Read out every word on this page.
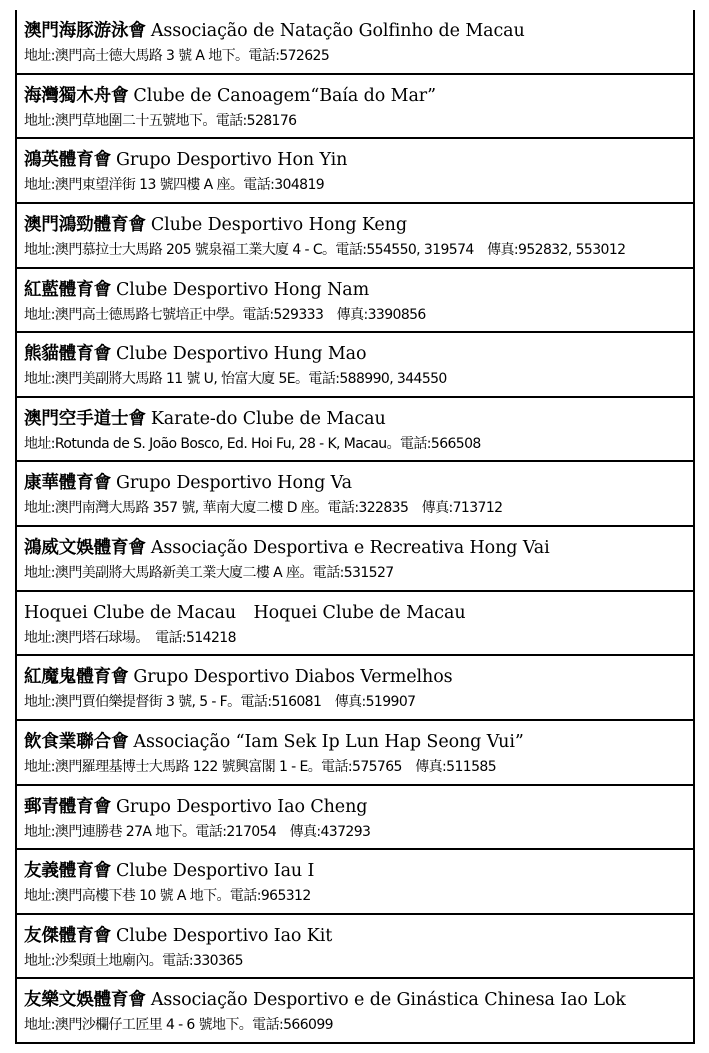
澳門海豚游泳會 Associação de Natação Golfinho de Macau
地址:澳門高士德大馬路 3 號 A 地下。電話:572625
海灣獨木舟會 Clube de Canoagem“Baía do Mar”
地址:澳門草地圍二十五號地下。電話:528176
鴻英體育會 Grupo Desportivo Hon Yin
地址:澳門東望洋街 13 號四樓 A 座。電話:304819
澳門鴻勁體育會 Clube Desportivo Hong Keng
地址:澳門慕拉士大馬路 205 號泉福工業大廈 4 - C。電話:554550, 319574　傳真:952832, 553012
紅藍體育會 Clube Desportivo Hong Nam
地址:澳門高士德馬路七號培正中學。電話:529333　傳真:3390856
熊貓體育會 Clube Desportivo Hung Mao
地址:澳門美副將大馬路 11 號 U, 怡富大廈 5E。電話:588990, 344550
澳門空手道士會 Karate-do Clube de Macau
地址:Rotunda de S. João Bosco, Ed. Hoi Fu, 28 - K, Macau。電話:566508
康華體育會 Grupo Desportivo Hong Va
地址:澳門南灣大馬路 357 號, 華南大廈二樓 D 座。電話:322835　傳真:713712
鴻威文娛體育會 Associação Desportiva e Recreativa Hong Vai
地址:澳門美副將大馬路新美工業大廈二樓 A 座。電話:531527
Hoquei Clube de Macau　Hoquei Clube de Macau
地址:澳門塔石球場。　電話:514218
紅魔鬼體育會 Grupo Desportivo Diabos Vermelhos
地址:澳門賈伯樂提督街 3 號, 5 - F。電話:516081　傳真:519907
飲食業聯合會 Associação “Iam Sek Ip Lun Hap Seong Vui”
地址:澳門羅理基博士大馬路 122 號興富閣 1 - E。電話:575765　傳真:511585
郵青體育會 Grupo Desportivo Iao Cheng
地址:澳門連勝巷 27A 地下。電話:217054　傳真:437293
友義體育會 Clube Desportivo Iau I
地址:澳門高樓下巷 10 號 A 地下。電話:965312
友傑體育會 Clube Desportivo Iao Kit
地址:沙梨頭土地廟內。電話:330365
友樂文娛體育會 Associação Desportivo e de Ginástica Chinesa Iao Lok
地址:澳門沙欄仔工匠里 4 - 6 號地下。電話:566099
